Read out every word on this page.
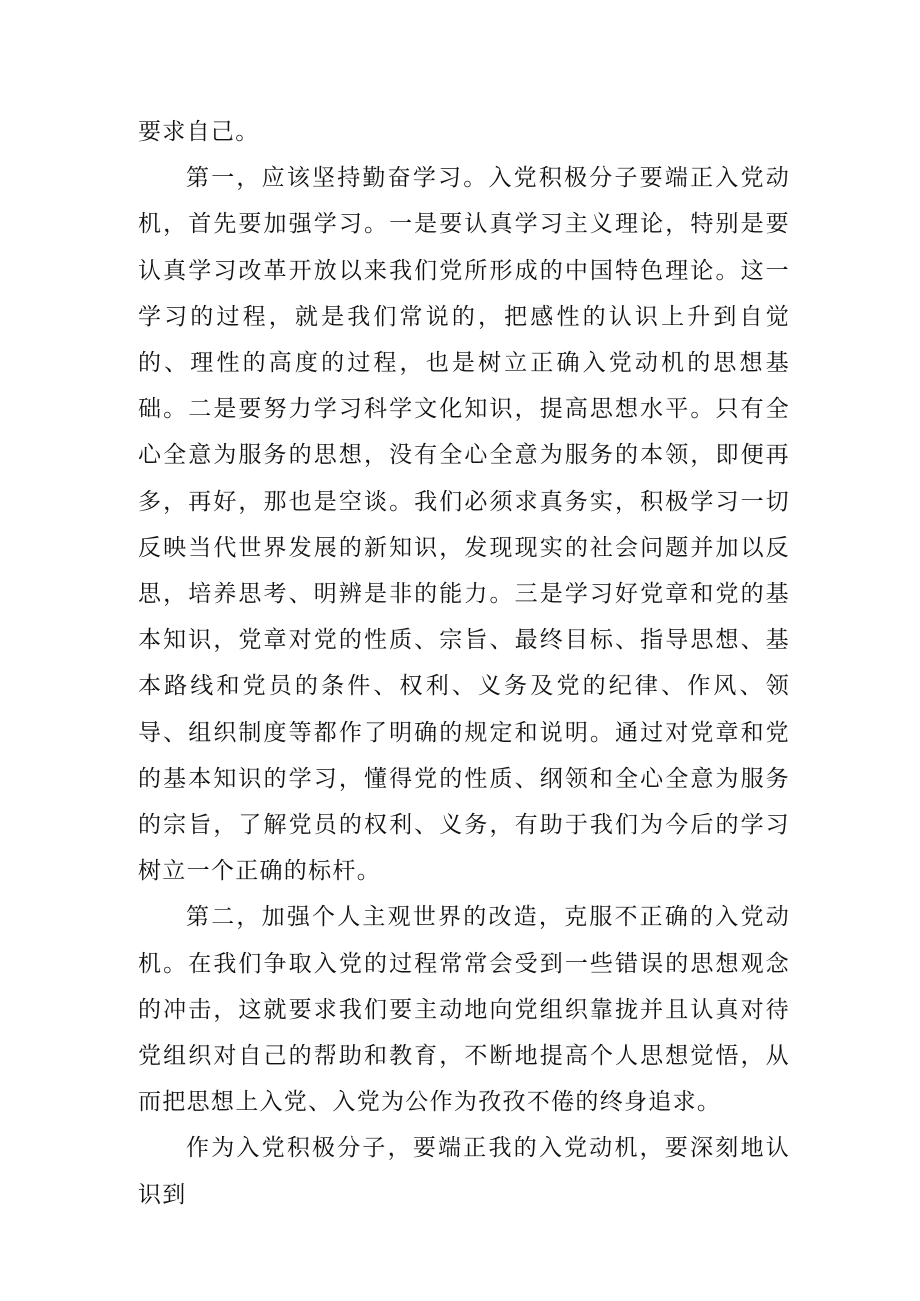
要求自己。

第一，应该坚持勤奋学习。入党积极分子要端正入党动机，首先要加强学习。一是要认真学习主义理论，特别是要认真学习改革开放以来我们党所形成的中国特色理论。这一学习的过程，就是我们常说的，把感性的认识上升到自觉的、理性的高度的过程，也是树立正确入党动机的思想基础。二是要努力学习科学文化知识，提高思想水平。只有全心全意为服务的思想，没有全心全意为服务的本领，即便再多，再好，那也是空谈。我们必须求真务实，积极学习一切反映当代世界发展的新知识，发现现实的社会问题并加以反思，培养思考、明辨是非的能力。三是学习好党章和党的基本知识，党章对党的性质、宗旨、最终目标、指导思想、基本路线和党员的条件、权利、义务及党的纪律、作风、领导、组织制度等都作了明确的规定和说明。通过对党章和党的基本知识的学习，懂得党的性质、纲领和全心全意为服务的宗旨，了解党员的权利、义务，有助于我们为今后的学习树立一个正确的标杆。

第二，加强个人主观世界的改造，克服不正确的入党动机。在我们争取入党的过程常常会受到一些错误的思想观念的冲击，这就要求我们要主动地向党组织靠拢并且认真对待党组织对自己的帮助和教育，不断地提高个人思想觉悟，从而把思想上入党、入党为公作为孜孜不倦的终身追求。

作为入党积极分子，要端正我的入党动机，要深刻地认识到
